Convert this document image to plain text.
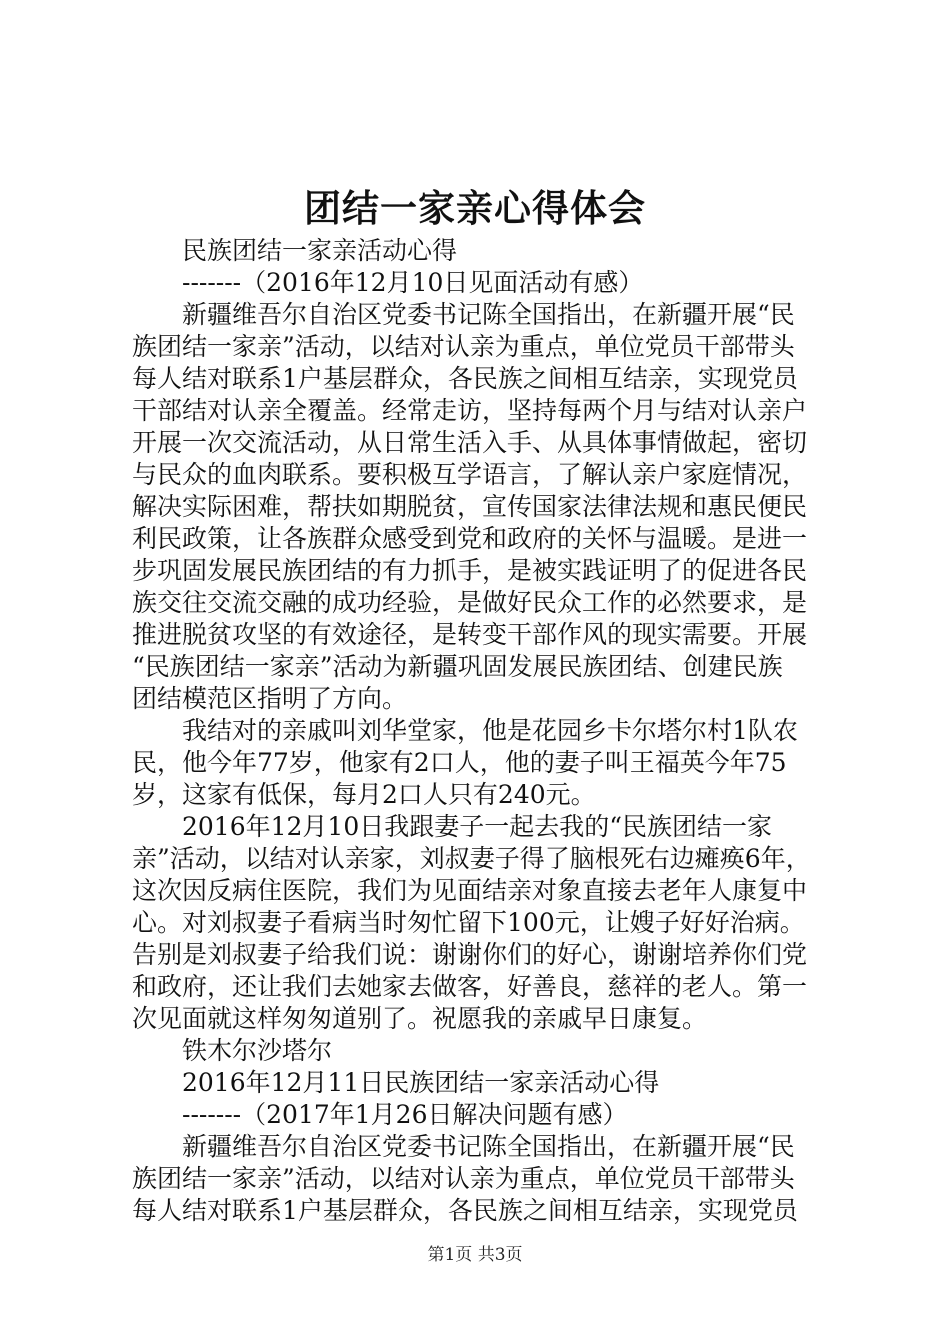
团结一家亲心得体会
民族团结一家亲活动心得
-------（2016年12月10日见面活动有感）
新疆维吾尔自治区党委书记陈全国指出，在新疆开展“民
族团结一家亲”活动，以结对认亲为重点，单位党员干部带头
每人结对联系1户基层群众，各民族之间相互结亲，实现党员
干部结对认亲全覆盖。经常走访，坚持每两个月与结对认亲户
开展一次交流活动，从日常生活入手、从具体事情做起，密切
与民众的血肉联系。要积极互学语言，了解认亲户家庭情况，
解决实际困难，帮扶如期脱贫，宣传国家法律法规和惠民便民
利民政策，让各族群众感受到党和政府的关怀与温暖。是进一
步巩固发展民族团结的有力抓手，是被实践证明了的促进各民
族交往交流交融的成功经验，是做好民众工作的必然要求，是
推进脱贫攻坚的有效途径，是转变干部作风的现实需要。开展
“民族团结一家亲”活动为新疆巩固发展民族团结、创建民族
团结模范区指明了方向。
我结对的亲戚叫刘华堂家，他是花园乡卡尔塔尔村1队农
民，他今年77岁，他家有2口人，他的妻子叫王福英今年75
岁，这家有低保，每月2口人只有240元。
2016年12月10日我跟妻子一起去我的“民族团结一家
亲”活动，以结对认亲家，刘叔妻子得了脑根死右边瘫痪6年，
这次因反病住医院，我们为见面结亲对象直接去老年人康复中
心。对刘叔妻子看病当时匆忙留下100元，让嫂子好好治病。
告别是刘叔妻子给我们说：谢谢你们的好心，谢谢培养你们党
和政府，还让我们去她家去做客，好善良，慈祥的老人。第一
次见面就这样匆匆道别了。祝愿我的亲戚早日康复。
铁木尔沙塔尔
2016年12月11日民族团结一家亲活动心得
-------（2017年1月26日解决问题有感）
新疆维吾尔自治区党委书记陈全国指出，在新疆开展“民
族团结一家亲”活动，以结对认亲为重点，单位党员干部带头
每人结对联系1户基层群众，各民族之间相互结亲，实现党员
第1页 共3页
